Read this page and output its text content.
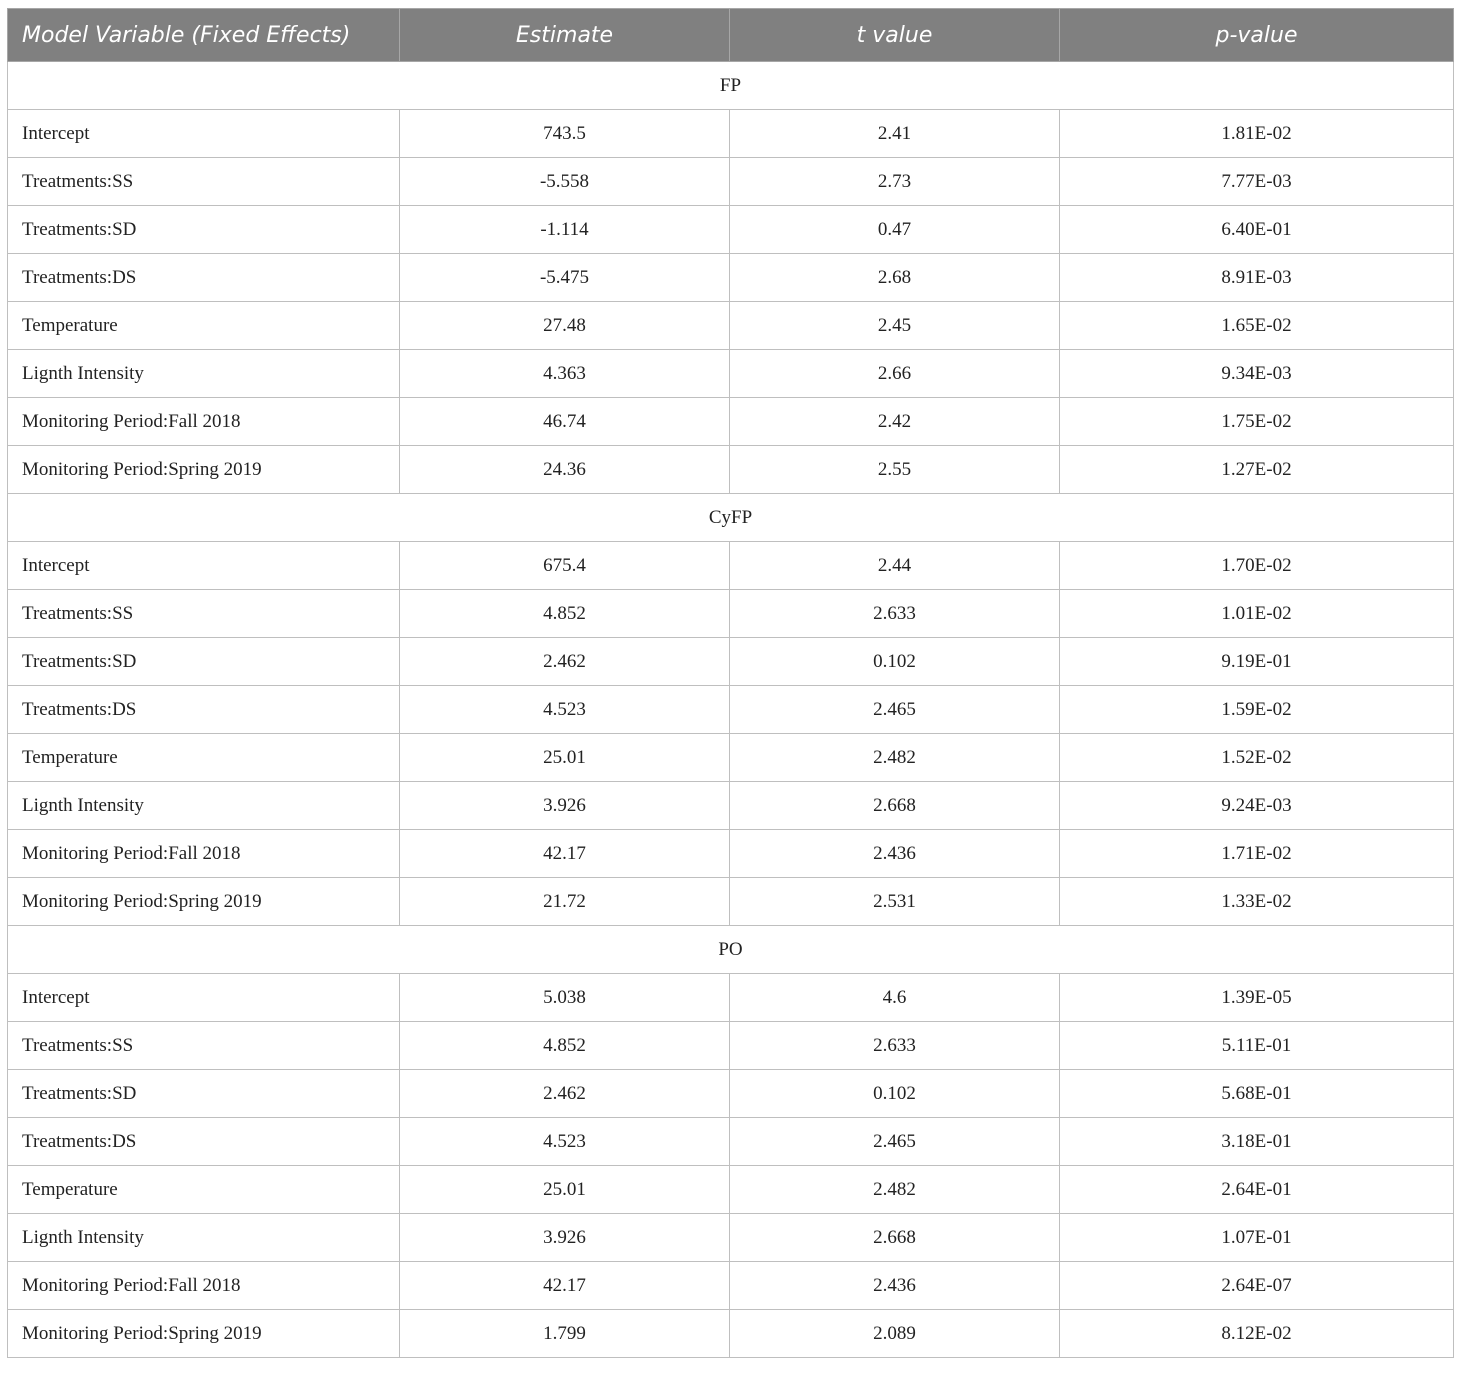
Model Variable (Fixed Effects)	Estimate	t value	p-value
FP			
Intercept	743.5	2.41	1.81E-02
Treatments:SS	-5.558	2.73	7.77E-03
Treatments:SD	-1.114	0.47	6.40E-01
Treatments:DS	-5.475	2.68	8.91E-03
Temperature	27.48	2.45	1.65E-02
Lignth Intensity	4.363	2.66	9.34E-03
Monitoring Period:Fall 2018	46.74	2.42	1.75E-02
Monitoring Period:Spring 2019	24.36	2.55	1.27E-02
CyFP			
Intercept	675.4	2.44	1.70E-02
Treatments:SS	4.852	2.633	1.01E-02
Treatments:SD	2.462	0.102	9.19E-01
Treatments:DS	4.523	2.465	1.59E-02
Temperature	25.01	2.482	1.52E-02
Lignth Intensity	3.926	2.668	9.24E-03
Monitoring Period:Fall 2018	42.17	2.436	1.71E-02
Monitoring Period:Spring 2019	21.72	2.531	1.33E-02
PO			
Intercept	5.038	4.6	1.39E-05
Treatments:SS	4.852	2.633	5.11E-01
Treatments:SD	2.462	0.102	5.68E-01
Treatments:DS	4.523	2.465	3.18E-01
Temperature	25.01	2.482	2.64E-01
Lignth Intensity	3.926	2.668	1.07E-01
Monitoring Period:Fall 2018	42.17	2.436	2.64E-07
Monitoring Period:Spring 2019	1.799	2.089	8.12E-02
